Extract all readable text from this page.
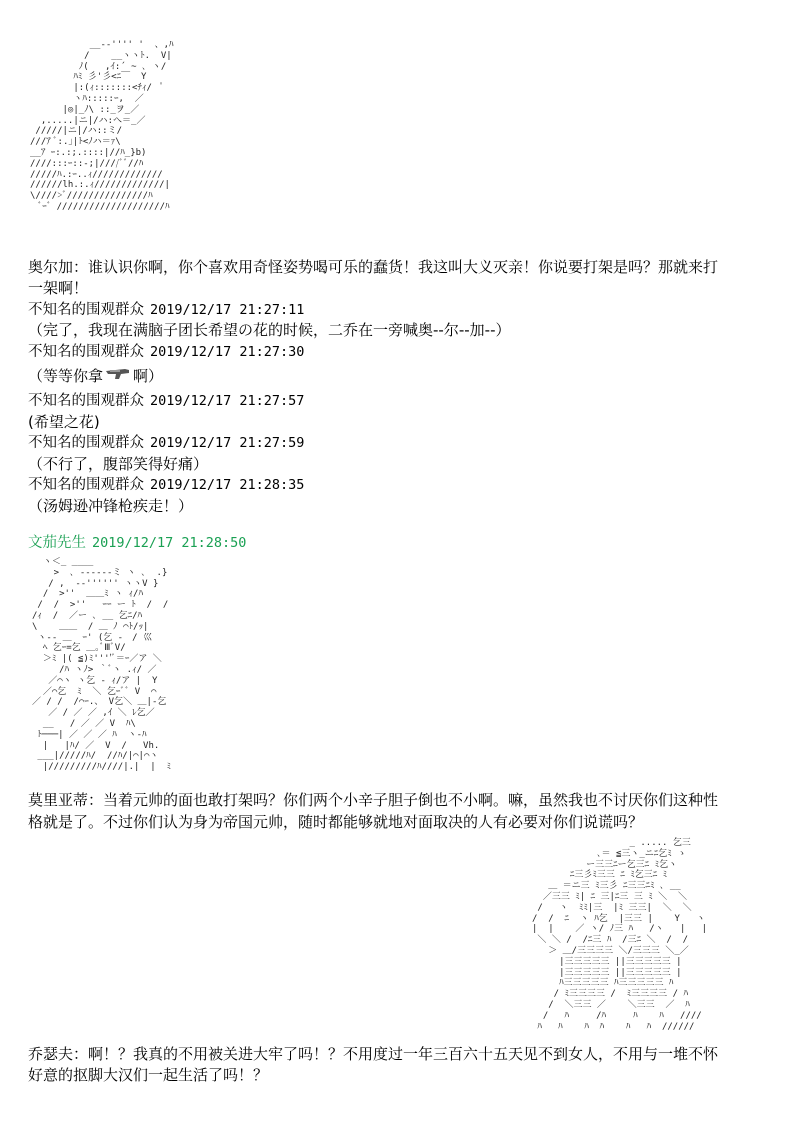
__-‐'''' '  、,ﾊ
/    __ヽヽﾄ.  V|
ﾉ(   ,ｲ:´ ~ ､ ヽ/
ﾊﾐ 彡'彡<ﾆ￣  Y
|:(ｨ:::::::<ﾁｨ/  ﾟ
ヽﾊ:::::ｰ,  ／
|◎|_ﾉ\ ::_ヲ_／
,.....|ニ|/ハ:へ＝_／
/////|ニ|/ハ::ミ/
///ｱ ﾞ:.｣|ﾄ<ﾉハ＝ｧ\
__ｱ ｰ:.:;.::::|//ﾊ_}b)
////:::ｰ::-;|////ﾞﾞ//ﾊ
/////ﾊ.:ｰ..ｨ/////////////
//////lh.:.ｨ/////////////|
\////>ﾞ///////////////ﾊ
ﾞｰﾞ ////////////////////ﾊ
奥尔加：谁认识你啊，你个喜欢用奇怪姿势喝可乐的蠢货！我这叫大义灭亲！你说要打架是吗？那就来打
一架啊！
不知名的围观群众 2019/12/17 21:27:11
（完了，我现在满脑子团长希望の花的时候，二乔在一旁喊奥--尔--加--）
不知名的围观群众 2019/12/17 21:27:30
（等等你拿 啊）
不知名的围观群众 2019/12/17 21:27:57
(希望之花)
不知名的围观群众 2019/12/17 21:27:59
（不行了，腹部笑得好痛）
不知名的围观群众 2019/12/17 21:28:35
（汤姆逊冲锋枪疾走！）
文茄先生 2019/12/17 21:28:50
ヽ＜_ ____
>  ､ -‐‐‐‐‐ミ ヽ ､  .}
/ ,  -‐'''''' ヽヽV }
/  >''  ＿＿ﾐ ヽ ｨ/ﾊ
/  /  >''   ｰｰ ー ﾄ  /  /
/ｨ  /  ／ー ､ __ 乞ﾆ/ﾊ
\    ＿＿  / ＿ ﾉ ⌒ﾄ/ｯ|
ヽ‐‐ ＿  ｰ' (乞 -　/ 巛
ﾍ 乞ｰ=乞 ＿｡ﾞⅢﾞV/
＞ﾐ |( ≦)ﾐ''''ﾞ＝ｰ／ア ＼
/ﾊ ヽﾉ> ｀ﾞヽ .ｨ/ ／
／⌒ヽ ヽ乞 - ｨ/ア |  Y
／⌒乞  ﾐ  ＼ 乞ｰﾞﾞ V  ⌒
／ / /  /⌒ｰ.、 V乞＼ ＿|-乞
／ / ／ ／ ,ｲ ＼ ﾚ乞／
__   / ／ ／ V  ﾊ\
ﾄ───| ／ ／ ／ ﾊ  ヽ‐ﾊ
|   |ﾊ/ ／  V  /   Vh.
___|/////ﾊ/  //ﾊ/|⌒|⌒ヽ
|/////////ﾊ////|.|  |  ﾐ
莫里亚蒂：当着元帅的面也敢打架吗？你们两个小辛子胆子倒也不小啊。嘛，虽然我也不讨厌你们这种性
格就是了。不过你们认为身为帝国元帅，随时都能够就地对面取决的人有必要对你们说谎吗？
_ ..... 乞三
､＝ ≦三ヽ_ニﾆ乞ﾐ ゝ
ー三三ﾆー乞三ﾆ ﾐ乞ヽ
ﾆ三彡ﾐ三三 ﾆ ﾐ乞三ﾆ ﾐ
＿ ＝ニ三 ﾐ三彡 ﾆ三三ﾆﾐ ､ __
／三三 ﾐ| ﾆ 三|ﾆ三 三 ﾐ ＼  ＼
/   ヽ  ﾐﾐ|三  |ﾐ 三三|  ＼  ＼
/  /  ﾆ  ヽ ﾊ乞  |三三 |    Y   ヽ
|  |    ／ ヽ/ ﾉ三 ﾊ   /ヽ   |   |
＼ ＼ /  /ﾆ三 ﾊ  /三ﾆ ＼  /  /
＞ ＿/三三三三 ＼/三三三 ＼_／
|三三三三三 ||三三三三三 |
|三三三三三 ||三三三三三 |
ﾊ三三三三三 ﾊ三三三三三 ﾊ
/ ﾐ三三三三 /  ﾐ三三三三 / ﾊ
/  ＼三三 ／    ＼三三  ／  ﾊ
/   ﾊ     /ﾊ     ﾊ    ﾊ   ////
ﾊ   ﾊ    ﾊ  ﾊ    ﾊ   ﾊ  //////
乔瑟夫：啊！？我真的不用被关进大牢了吗！？不用度过一年三百六十五天见不到女人，不用与一堆不怀
好意的抠脚大汉们一起生活了吗！？
